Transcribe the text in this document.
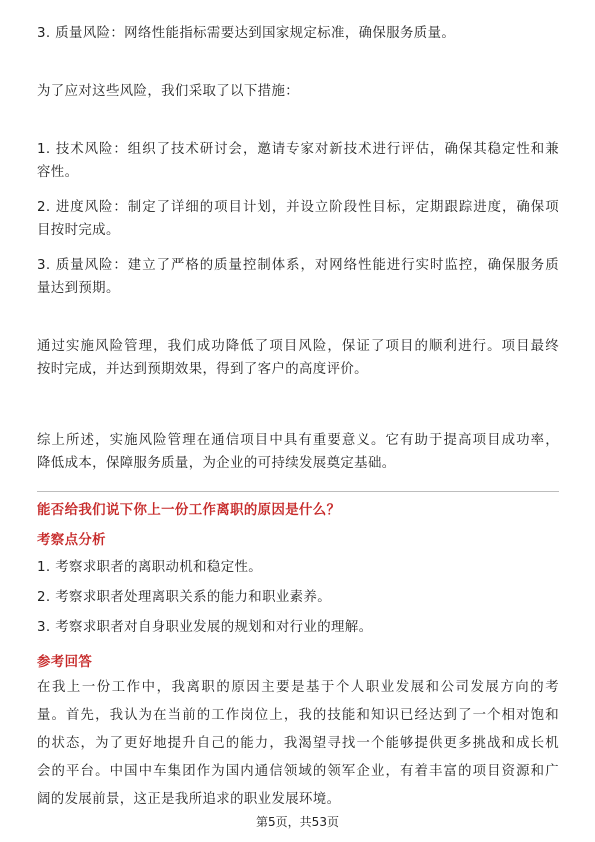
3. 质量风险：网络性能指标需要达到国家规定标准，确保服务质量。
为了应对这些风险，我们采取了以下措施：
1. 技术风险：组织了技术研讨会，邀请专家对新技术进行评估，确保其稳定性和兼
容性。
2. 进度风险：制定了详细的项目计划，并设立阶段性目标，定期跟踪进度，确保项
目按时完成。
3. 质量风险：建立了严格的质量控制体系，对网络性能进行实时监控，确保服务质
量达到预期。
通过实施风险管理，我们成功降低了项目风险，保证了项目的顺利进行。项目最终
按时完成，并达到预期效果，得到了客户的高度评价。
综上所述，实施风险管理在通信项目中具有重要意义。它有助于提高项目成功率，
降低成本，保障服务质量，为企业的可持续发展奠定基础。
能否给我们说下你上一份工作离职的原因是什么？
考察点分析
1. 考察求职者的离职动机和稳定性。
2. 考察求职者处理离职关系的能力和职业素养。
3. 考察求职者对自身职业发展的规划和对行业的理解。
参考回答
在我上一份工作中，我离职的原因主要是基于个人职业发展和公司发展方向的考
量。首先，我认为在当前的工作岗位上，我的技能和知识已经达到了一个相对饱和
的状态，为了更好地提升自己的能力，我渴望寻找一个能够提供更多挑战和成长机
会的平台。中国中车集团作为国内通信领域的领军企业，有着丰富的项目资源和广
阔的发展前景，这正是我所追求的职业发展环境。
第5页，共53页
